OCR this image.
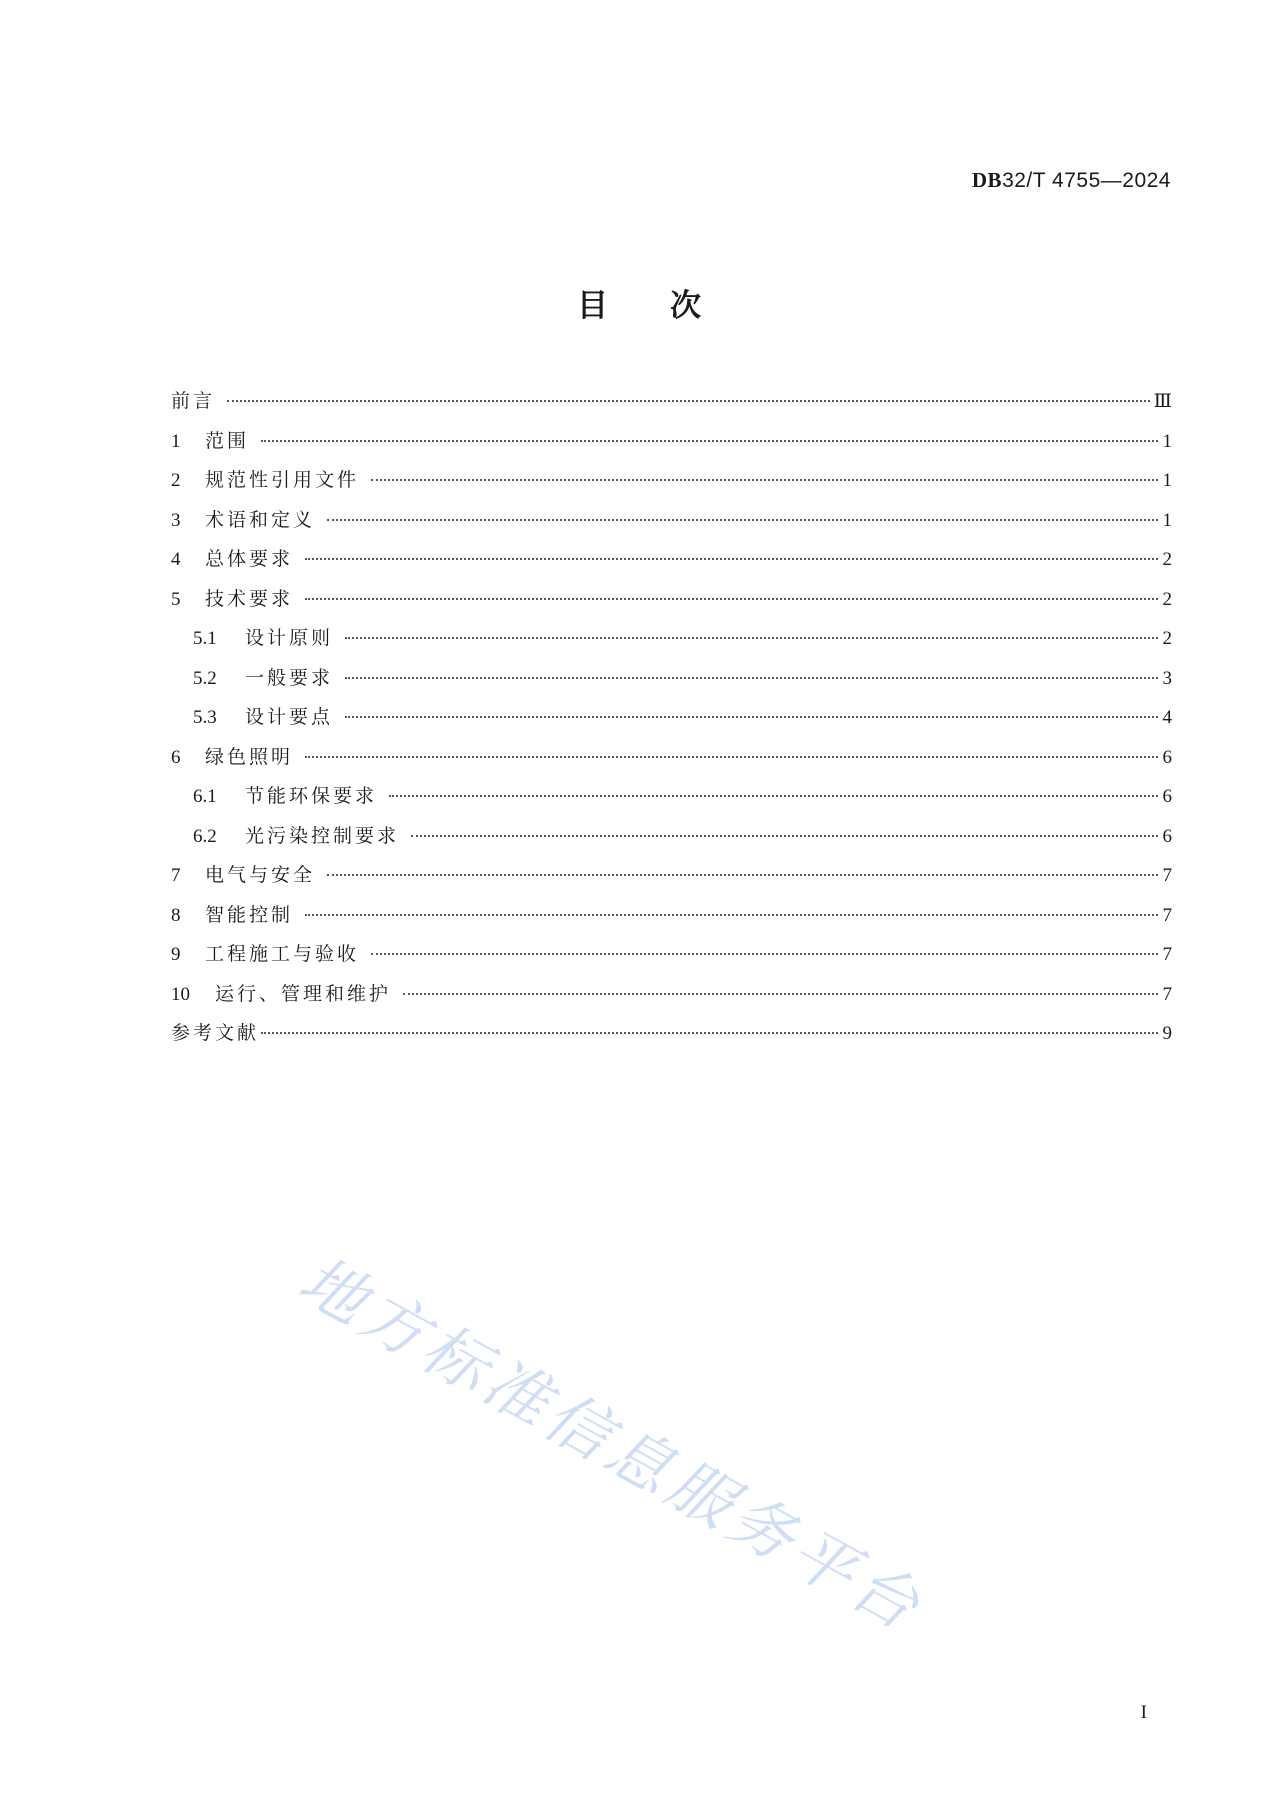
DB32/T 4755—2024
目 次
前言	Ⅲ
1	范围	1
2	规范性引用文件	1
3	术语和定义	1
4	总体要求	2
5	技术要求	2
5.1	设计原则	2
5.2	一般要求	3
5.3	设计要点	4
6	绿色照明	6
6.1	节能环保要求	6
6.2	光污染控制要求	6
7	电气与安全	7
8	智能控制	7
9	工程施工与验收	7
10	运行、管理和维护	7
参考文献	9
地方标准信息服务平台
I
